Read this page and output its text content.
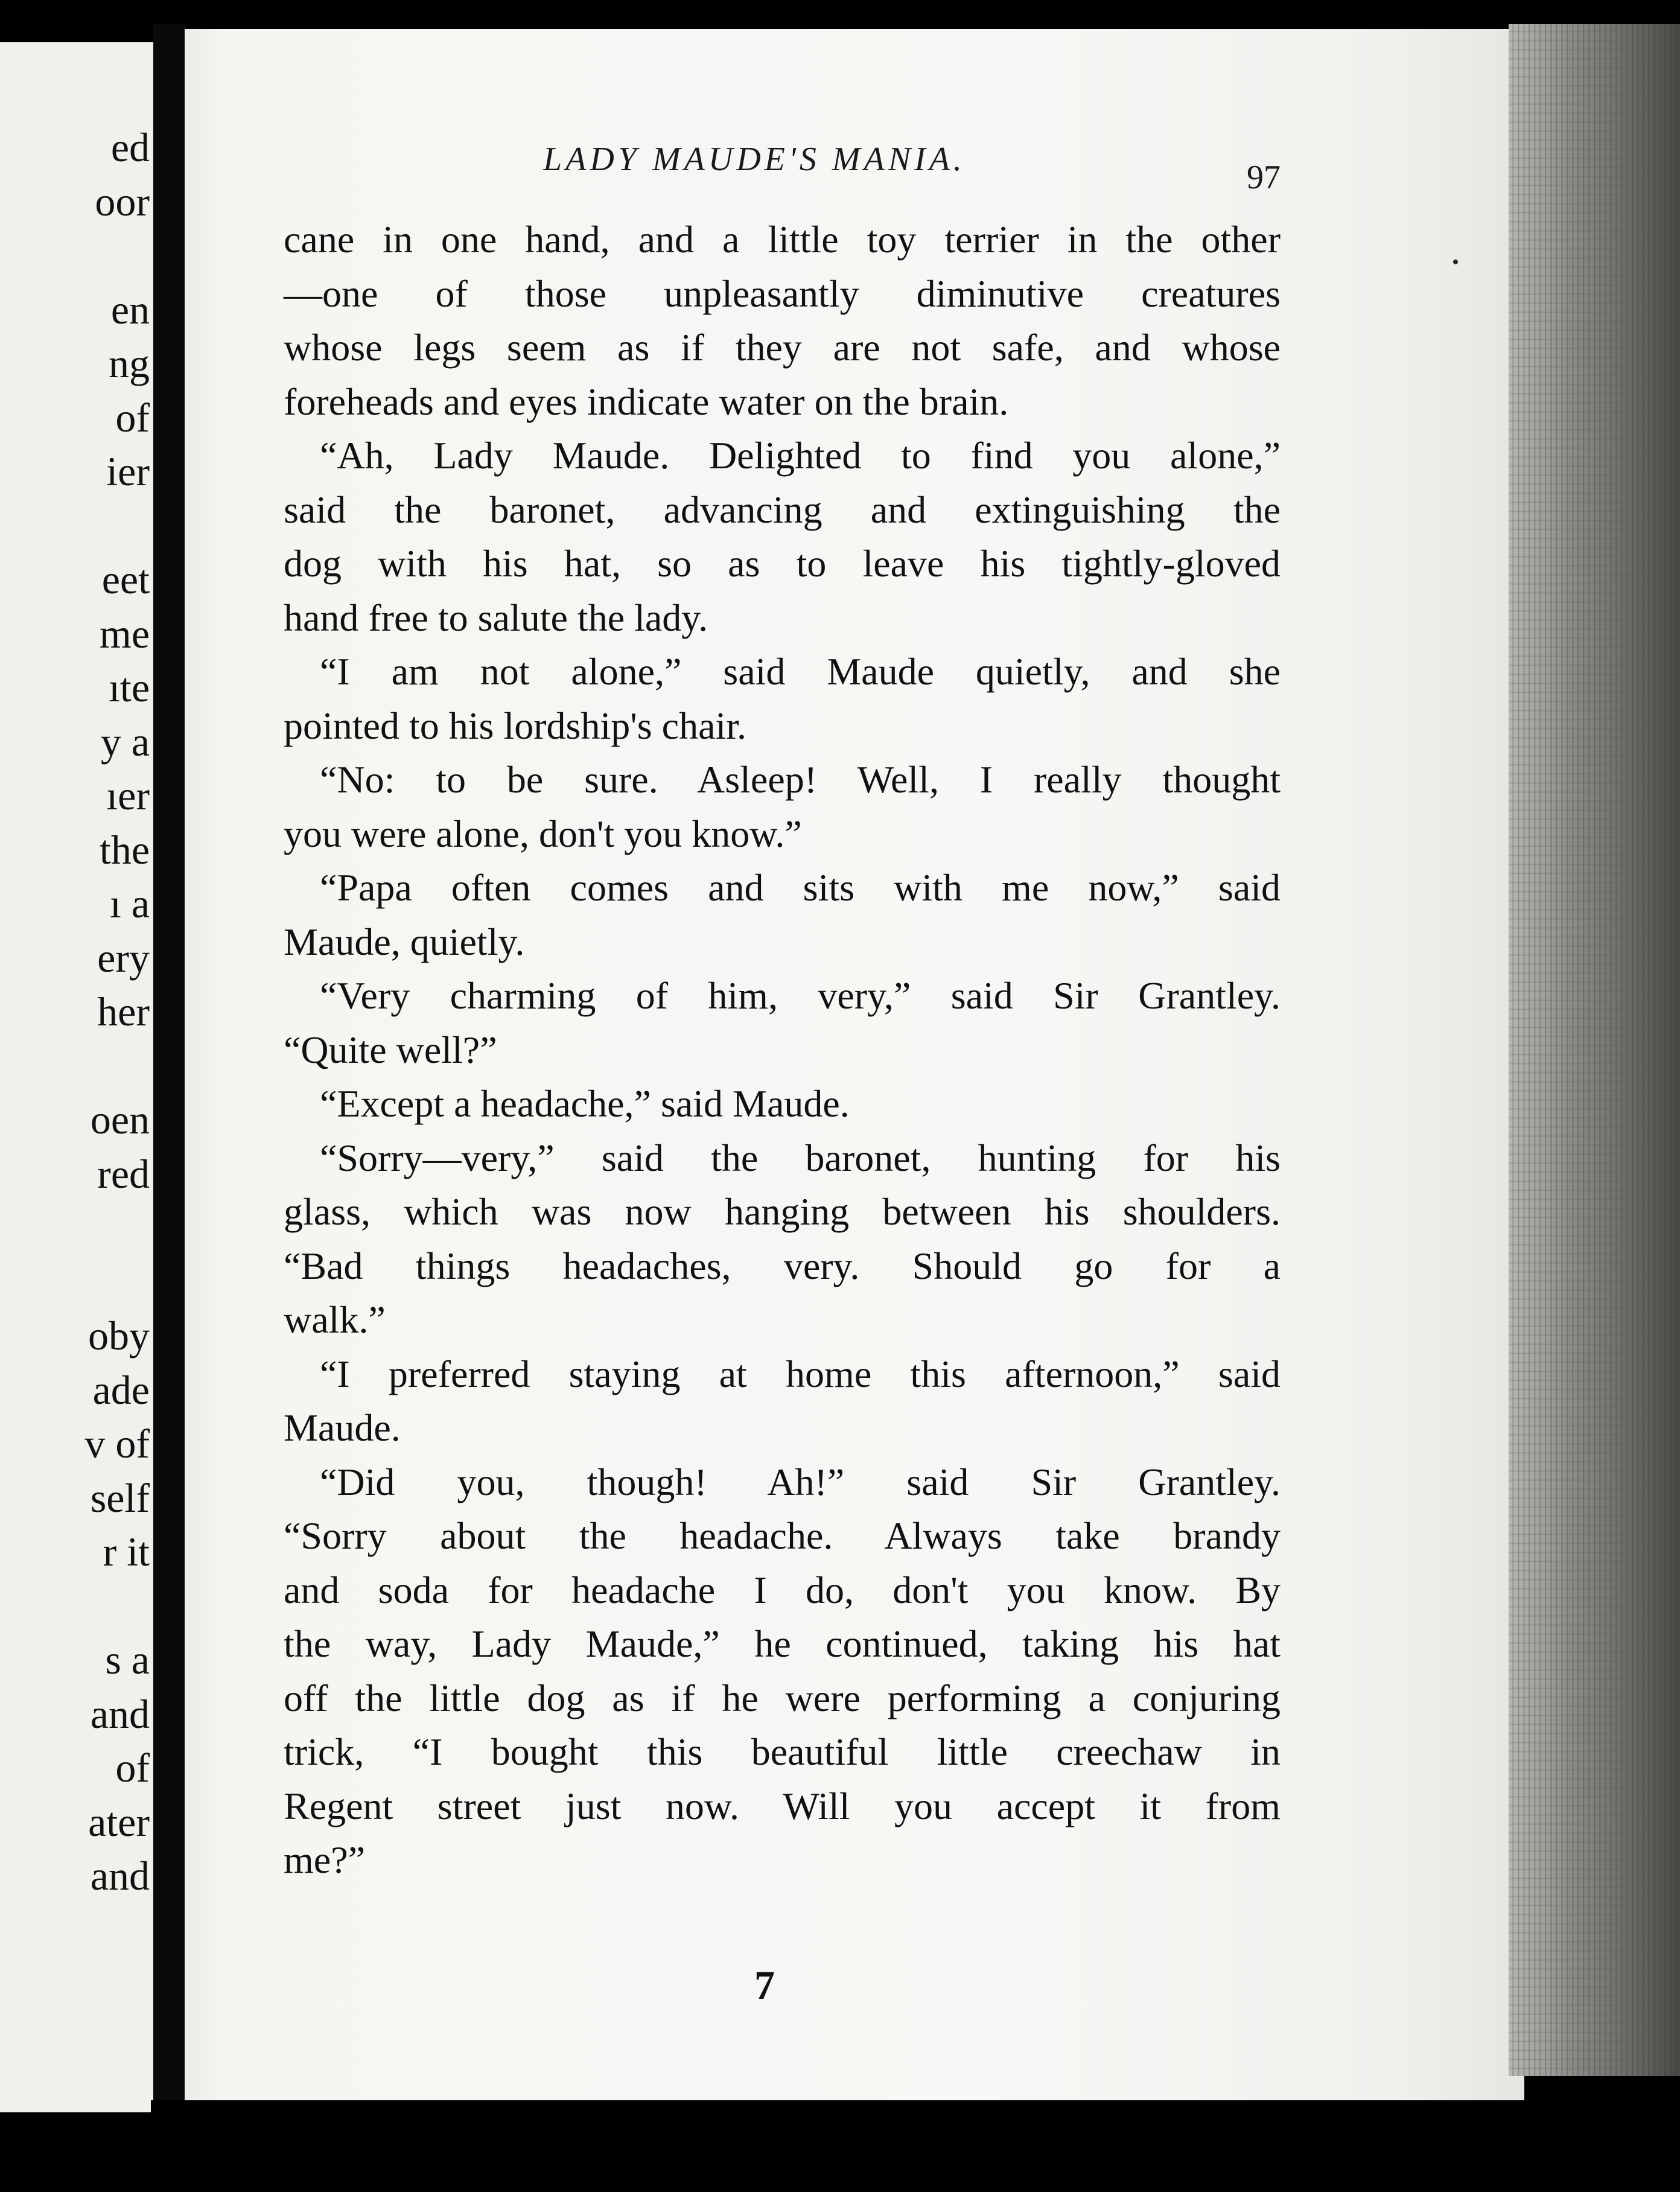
ed
oor
en
ng
of
ier
eet
me
ıte
y a
ıer
the
ı a
ery
her
oen
red
oby
ade
v of
self
r it
s a
and
of
ater
and
LADY MAUDE'S MANIA.	97
cane in one hand, and a little toy terrier in the other
—one of those unpleasantly diminutive creatures
whose legs seem as if they are not safe, and whose
foreheads and eyes indicate water on the brain.
“Ah, Lady Maude. Delighted to find you alone,”
said the baronet, advancing and extinguishing the
dog with his hat, so as to leave his tightly-gloved
hand free to salute the lady.
“I am not alone,” said Maude quietly, and she
pointed to his lordship's chair.
“No: to be sure. Asleep! Well, I really thought
you were alone, don't you know.”
“Papa often comes and sits with me now,” said
Maude, quietly.
“Very charming of him, very,” said Sir Grantley.
“Quite well?”
“Except a headache,” said Maude.
“Sorry—very,” said the baronet, hunting for his
glass, which was now hanging between his shoulders.
“Bad things headaches, very. Should go for a
walk.”
“I preferred staying at home this afternoon,” said
Maude.
“Did you, though! Ah!” said Sir Grantley.
“Sorry about the headache. Always take brandy
and soda for headache I do, don't you know. By
the way, Lady Maude,” he continued, taking his hat
off the little dog as if he were performing a conjuring
trick, “I bought this beautiful little creechaw in
Regent street just now. Will you accept it from
me?”
7
